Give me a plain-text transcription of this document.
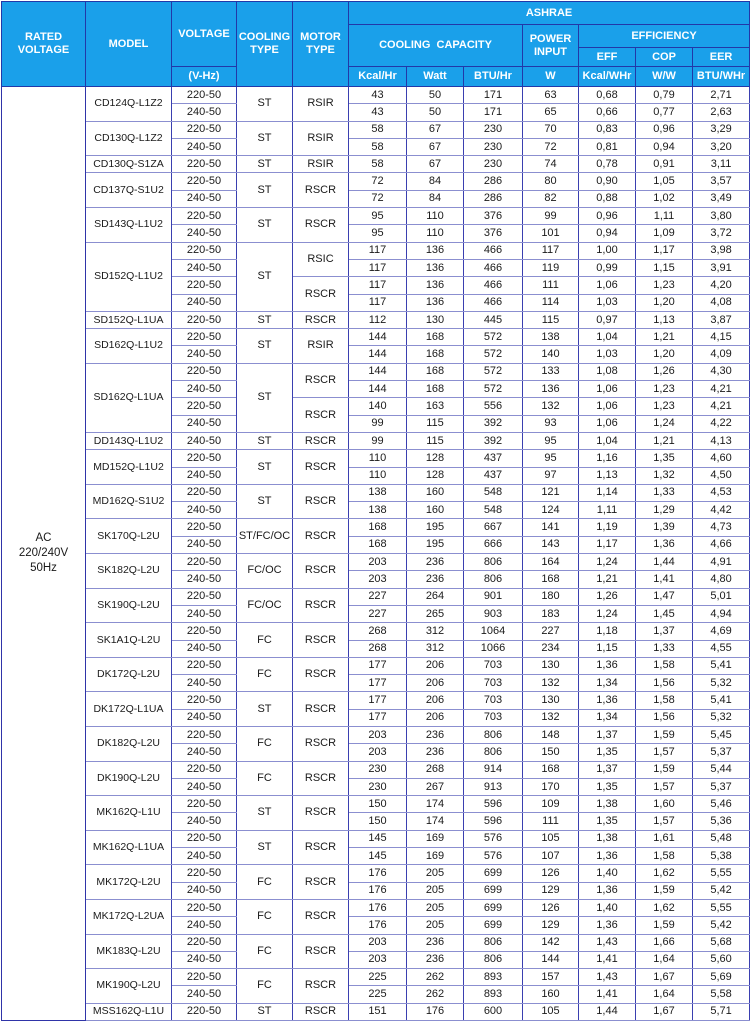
RATED VOLTAGE	MODEL	VOLTAGE	COOLING TYPE	MOTOR TYPE	ASHRAE						
					COOLING  CAPACITY			POWER INPUT	EFFICIENCY		
									EFF	COP	EER
		(V-Hz)			Kcal/Hr	Watt	BTU/Hr	W	Kcal/WHr	W/W	BTU/WHr

AC
220/240V
50Hz	CD124Q-L1Z2	220-50	ST	RSIR	43	50	171	63	0,68	0,79	2,71
		240-50			43	50	171	65	0,66	0,77	2,63
	CD130Q-L1Z2	220-50	ST	RSIR	58	67	230	70	0,83	0,96	3,29
		240-50			58	67	230	72	0,81	0,94	3,20
	CD130Q-S1ZA	220-50	ST	RSIR	58	67	230	74	0,78	0,91	3,11
	CD137Q-S1U2	220-50	ST	RSCR	72	84	286	80	0,90	1,05	3,57
		240-50			72	84	286	82	0,88	1,02	3,49
	SD143Q-L1U2	220-50	ST	RSCR	95	110	376	99	0,96	1,11	3,80
		240-50			95	110	376	101	0,94	1,09	3,72
	SD152Q-L1U2	220-50	ST	RSIC	117	136	466	117	1,00	1,17	3,98
		240-50			117	136	466	119	0,99	1,15	3,91
		220-50		RSCR	117	136	466	111	1,06	1,23	4,20
		240-50			117	136	466	114	1,03	1,20	4,08
	SD152Q-L1UA	220-50	ST	RSCR	112	130	445	115	0,97	1,13	3,87
	SD162Q-L1U2	220-50	ST	RSIR	144	168	572	138	1,04	1,21	4,15
		240-50			144	168	572	140	1,03	1,20	4,09
	SD162Q-L1UA	220-50	ST	RSCR	144	168	572	133	1,08	1,26	4,30
		240-50			144	168	572	136	1,06	1,23	4,21
		220-50		RSCR	140	163	556	132	1,06	1,23	4,21
		240-50			99	115	392	93	1,06	1,24	4,22
	DD143Q-L1U2	240-50	ST	RSCR	99	115	392	95	1,04	1,21	4,13
	MD152Q-L1U2	220-50	ST	RSCR	110	128	437	95	1,16	1,35	4,60
		240-50			110	128	437	97	1,13	1,32	4,50
	MD162Q-S1U2	220-50	ST	RSCR	138	160	548	121	1,14	1,33	4,53
		240-50			138	160	548	124	1,11	1,29	4,42
	SK170Q-L2U	220-50	ST/FC/OC	RSCR	168	195	667	141	1,19	1,39	4,73
		240-50			168	195	666	143	1,17	1,36	4,66
	SK182Q-L2U	220-50	FC/OC	RSCR	203	236	806	164	1,24	1,44	4,91
		240-50			203	236	806	168	1,21	1,41	4,80
	SK190Q-L2U	220-50	FC/OC	RSCR	227	264	901	180	1,26	1,47	5,01
		240-50			227	265	903	183	1,24	1,45	4,94
	SK1A1Q-L2U	220-50	FC	RSCR	268	312	1064	227	1,18	1,37	4,69
		240-50			268	312	1066	234	1,15	1,33	4,55
	DK172Q-L2U	220-50	FC	RSCR	177	206	703	130	1,36	1,58	5,41
		240-50			177	206	703	132	1,34	1,56	5,32
	DK172Q-L1UA	220-50	ST	RSCR	177	206	703	130	1,36	1,58	5,41
		240-50			177	206	703	132	1,34	1,56	5,32
	DK182Q-L2U	220-50	FC	RSCR	203	236	806	148	1,37	1,59	5,45
		240-50			203	236	806	150	1,35	1,57	5,37
	DK190Q-L2U	220-50	FC	RSCR	230	268	914	168	1,37	1,59	5,44
		240-50			230	267	913	170	1,35	1,57	5,37
	MK162Q-L1U	220-50	ST	RSCR	150	174	596	109	1,38	1,60	5,46
		240-50			150	174	596	111	1,35	1,57	5,36
	MK162Q-L1UA	220-50	ST	RSCR	145	169	576	105	1,38	1,61	5,48
		240-50			145	169	576	107	1,36	1,58	5,38
	MK172Q-L2U	220-50	FC	RSCR	176	205	699	126	1,40	1,62	5,55
		240-50			176	205	699	129	1,36	1,59	5,42
	MK172Q-L2UA	220-50	FC	RSCR	176	205	699	126	1,40	1,62	5,55
		240-50			176	205	699	129	1,36	1,59	5,42
	MK183Q-L2U	220-50	FC	RSCR	203	236	806	142	1,43	1,66	5,68
		240-50			203	236	806	144	1,41	1,64	5,60
	MK190Q-L2U	220-50	FC	RSCR	225	262	893	157	1,43	1,67	5,69
		240-50			225	262	893	160	1,41	1,64	5,58
	MSS162Q-L1U	220-50	ST	RSCR	151	176	600	105	1,44	1,67	5,71
